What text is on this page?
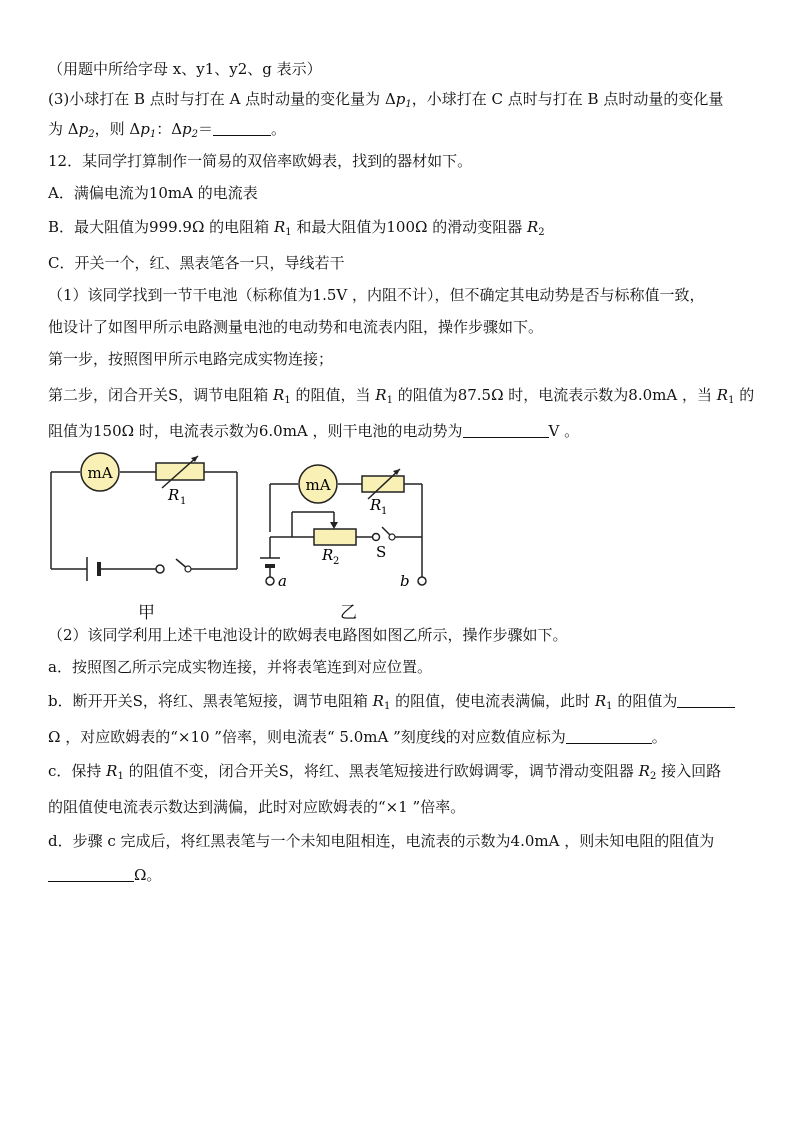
（用题中所给字母 x、y1、y2、g 表示）
(3)小球打在 B 点时与打在 A 点时动量的变化量为 $\Delta p_1$，小球打在 C 点时与打在 B 点时动量的变化量
为 $\Delta p_2$，则 $\Delta p_1$：$\Delta p_2=$	。
12．某同学打算制作一简易的双倍率欧姆表，找到的器材如下。
A．满偏电流为10mA 的电流表
B．最大阻值为999.9Ω 的电阻箱 $R_1$ 和最大阻值为100Ω 的滑动变阻器 $R_2$
C．开关一个，红、黑表笔各一只，导线若干
（1）该同学找到一节干电池（标称值为1.5V ，内阻不计），但不确定其电动势是否与标称值一致，
他设计了如图甲所示电路测量电池的电动势和电流表内阻，操作步骤如下。
第一步，按照图甲所示电路完成实物连接；
第二步，闭合开关S，调节电阻箱 $R_1$ 的阻值，当 $R_1$ 的阻值为87.5Ω 时，电流表示数为8.0mA ，当 $R_1$ 的
阻值为150Ω 时，电流表示数为6.0mA ，则干电池的电动势为	V 。
mA
R 1
甲
mA
R 1
R 2
S
a	b
乙
（2）该同学利用上述干电池设计的欧姆表电路图如图乙所示，操作步骤如下。
a．按照图乙所示完成实物连接，并将表笔连到对应位置。
b．断开开关S，将红、黑表笔短接，调节电阻箱 $R_1$ 的阻值，使电流表满偏，此时 $R_1$ 的阻值为
Ω ，对应欧姆表的“×10 ”倍率，则电流表“ 5.0mA ”刻度线的对应数值应标为	。
c．保持 $R_1$ 的阻值不变，闭合开关S，将红、黑表笔短接进行欧姆调零，调节滑动变阻器 $R_2$ 接入回路
的阻值使电流表示数达到满偏，此时对应欧姆表的“×1 ”倍率。
d．步骤 c 完成后，将红黑表笔与一个未知电阻相连，电流表的示数为4.0mA ，则未知电阻的阻值为
Ω。
